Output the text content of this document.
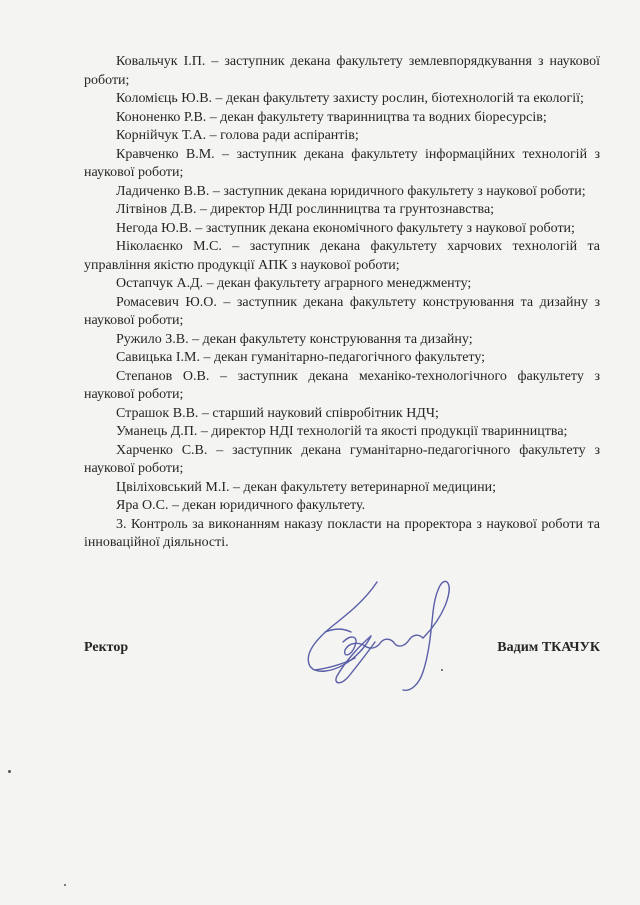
Ковальчук І.П. – заступник декана факультету землевпорядкування з наукової роботи;

Коломієць Ю.В. – декан факультету захисту рослин, біотехнологій та екології;

Кононенко Р.В. – декан факультету тваринництва та водних біоресурсів;

Корнійчук Т.А. – голова ради аспірантів;

Кравченко В.М. – заступник декана факультету інформаційних технологій з наукової роботи;

Ладиченко В.В. – заступник декана юридичного факультету з наукової роботи;

Літвінов Д.В. – директор НДІ рослинництва та грунтознавства;

Негода Ю.В. – заступник декана економічного факультету з наукової роботи;

Ніколаєнко М.С. – заступник декана факультету харчових технологій та управління якістю продукції АПК з наукової роботи;

Остапчук А.Д. – декан факультету аграрного менеджменту;

Ромасевич Ю.О. – заступник декана факультету конструювання та дизайну з наукової роботи;

Ружило З.В. – декан факультету конструювання та дизайну;

Савицька І.М. – декан гуманітарно-педагогічного факультету;

Степанов О.В. – заступник декана механіко-технологічного факультету з наукової роботи;

Страшок В.В. – старший науковий співробітник НДЧ;

Уманець Д.П. – директор НДІ технологій та якості продукції тваринництва;

Харченко С.В. – заступник декана гуманітарно-педагогічного факультету з наукової роботи;

Цвіліховський М.І. – декан факультету ветеринарної медицини;

Яра О.С. – декан юридичного факультету.

3. Контроль за виконанням наказу покласти на проректора з наукової роботи та інноваційної діяльності.

Ректор	Вадим ТКАЧУК
